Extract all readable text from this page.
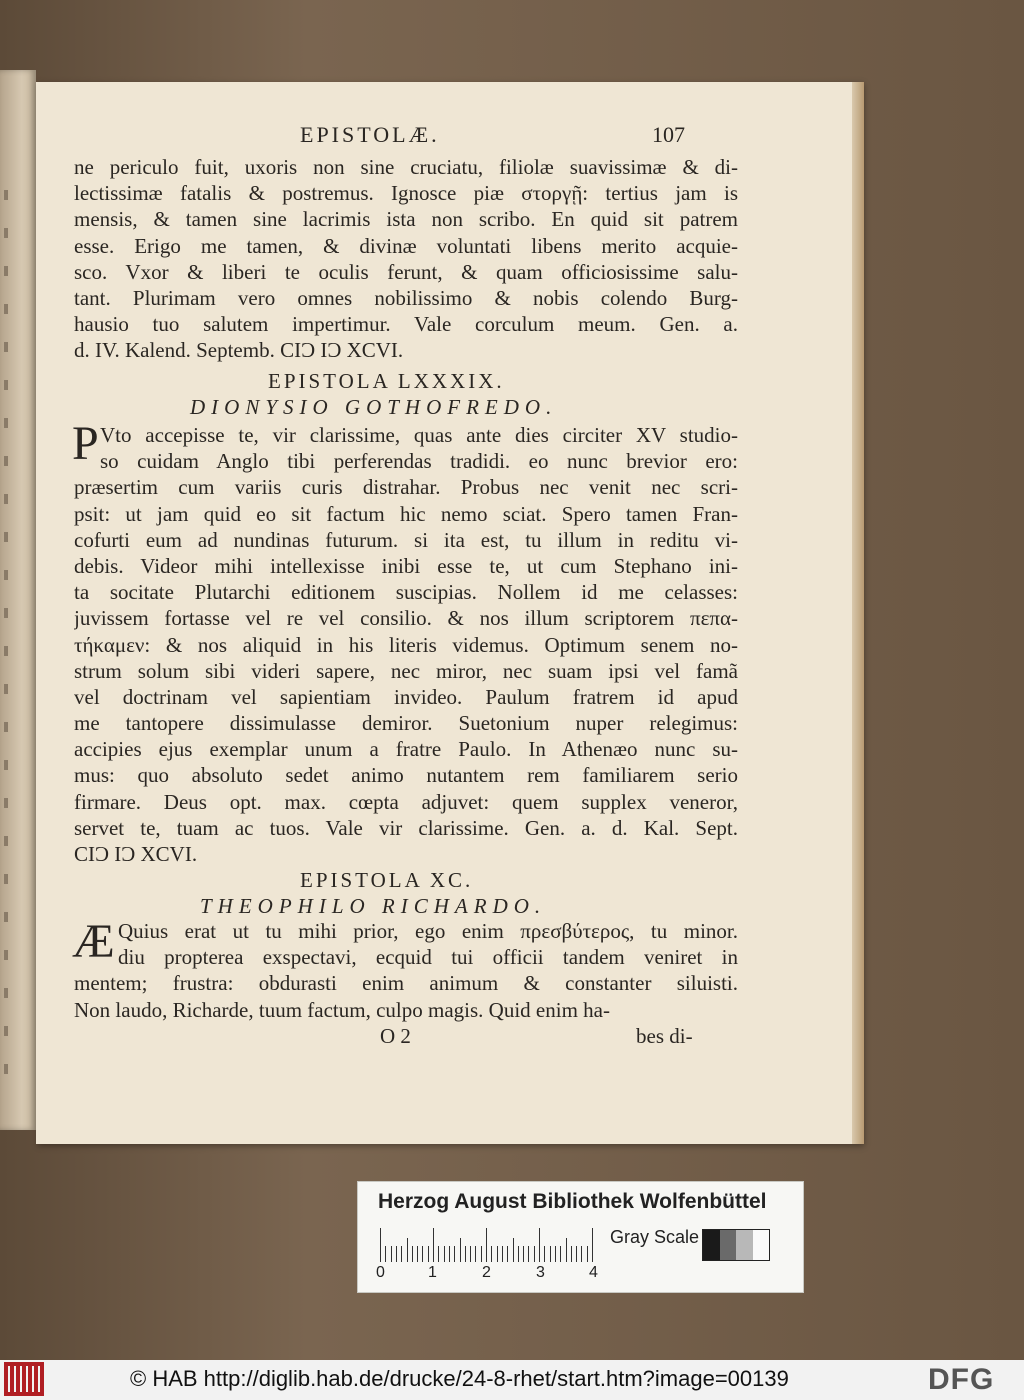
EPISTOLÆ.	107
ne periculo fuit, uxoris non sine cruciatu, filiolæ suavissimæ & di-
lectissimæ fatalis & postremus. Ignosce piæ στοργῇ: tertius jam is
mensis, & tamen sine lacrimis ista non scribo. En quid sit patrem
esse. Erigo me tamen, & divinæ voluntati libens merito acquie-
sco. Vxor & liberi te oculis ferunt, & quam officiosissime salu-
tant. Plurimam vero omnes nobilissimo & nobis colendo Burg-
hausio tuo salutem impertimur. Vale corculum meum. Gen. a.
d. IV. Kalend. Septemb. CIƆ IƆ XCVI.
EPISTOLA LXXXIX.
DIONYSIO GOTHOFREDO.
P Vto accepisse te, vir clarissime, quas ante dies circiter XV studio-
so cuidam Anglo tibi perferendas tradidi. eo nunc brevior ero:
præsertim cum variis curis distrahar. Probus nec venit nec scri-
psit: ut jam quid eo sit factum hic nemo sciat. Spero tamen Fran-
cofurti eum ad nundinas futurum. si ita est, tu illum in reditu vi-
debis. Videor mihi intellexisse inibi esse te, ut cum Stephano ini-
ta socitate Plutarchi editionem suscipias. Nollem id me celasses:
juvissem fortasse vel re vel consilio. & nos illum scriptorem πεπα-
τήκαμεν: & nos aliquid in his literis videmus. Optimum senem no-
strum solum sibi videri sapere, nec miror, nec suam ipsi vel famã
vel doctrinam vel sapientiam invideo. Paulum fratrem id apud
me tantopere dissimulasse demiror. Suetonium nuper relegimus:
accipies ejus exemplar unum a fratre Paulo. In Athenæo nunc su-
mus: quo absoluto sedet animo nutantem rem familiarem serio
firmare. Deus opt. max. cœpta adjuvet: quem supplex veneror,
servet te, tuam ac tuos. Vale vir clarissime. Gen. a. d. Kal. Sept.
CIƆ IƆ XCVI.
EPISTOLA XC.
THEOPHILO RICHARDO.
Æ Quius erat ut tu mihi prior, ego enim πρεσβύτερος, tu minor.
diu propterea exspectavi, ecquid tui officii tandem veniret in
mentem; frustra: obdurasti enim animum & constanter siluisti.
Non laudo, Richarde, tuum factum, culpo magis. Quid enim ha-
O 2	bes di-
Herzog August Bibliothek Wolfenbüttel
0	1	2	3	4
Gray Scale
© HAB http://diglib.hab.de/drucke/24-8-rhet/start.htm?image=00139	DFG
